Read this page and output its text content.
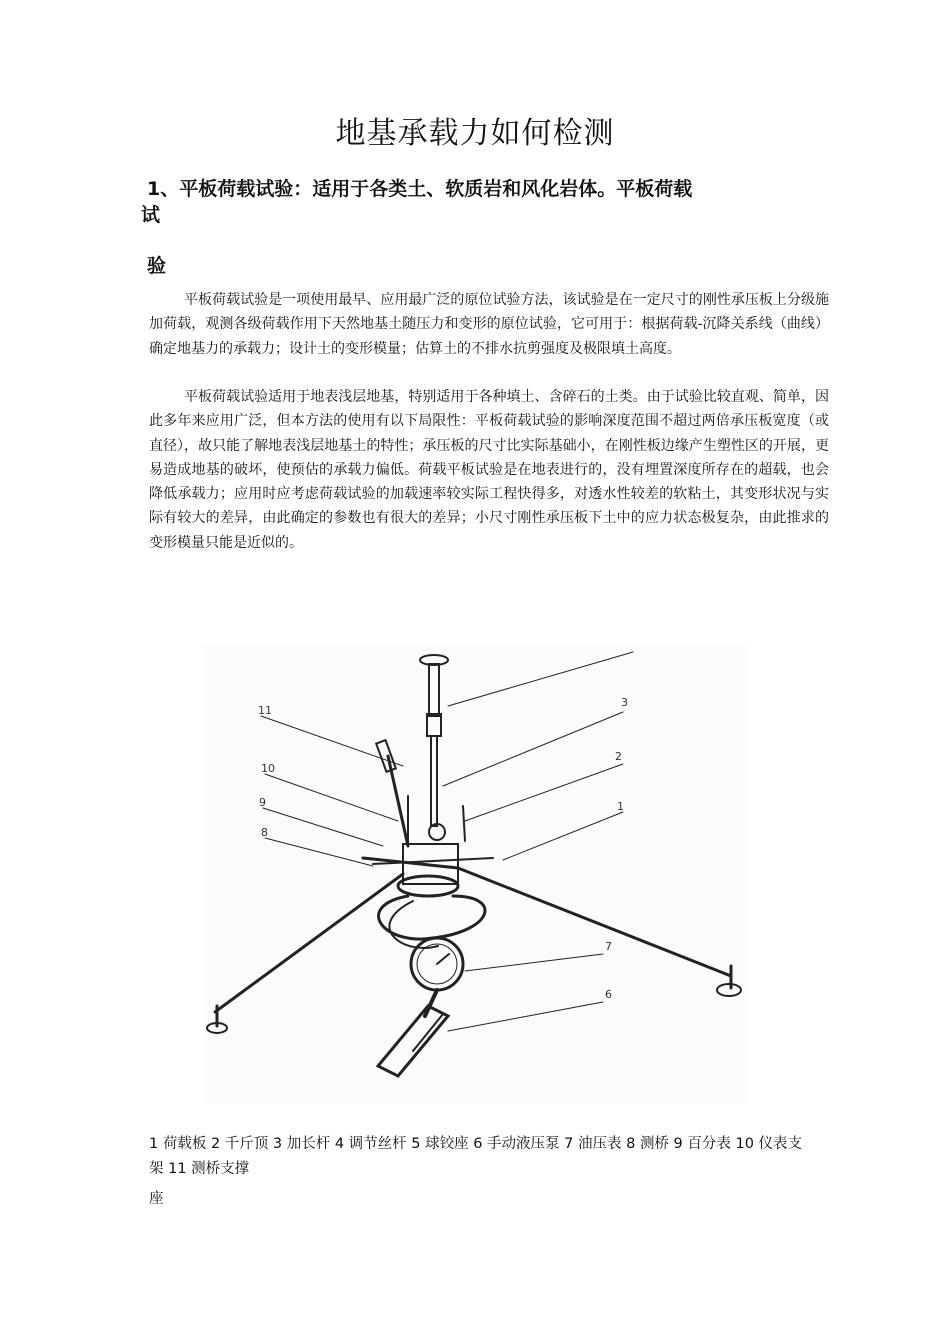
地基承载力如何检测
1、平板荷载试验：适用于各类土、软质岩和风化岩体。平板荷载
试
验

平板荷载试验是一项使用最早、应用最广泛的原位试验方法，该试验是在一定尺寸的刚性承压板上分级施加荷载，观测各级荷载作用下天然地基土随压力和变形的原位试验，它可用于：根据荷载-沉降关系线（曲线）确定地基力的承载力；设计土的变形模量；估算土的不排水抗剪强度及极限填土高度。

平板荷载试验适用于地表浅层地基，特别适用于各种填土、含碎石的土类。由于试验比较直观、简单，因此多年来应用广泛，但本方法的使用有以下局限性：平板荷载试验的影响深度范围不超过两倍承压板宽度（或直径），故只能了解地表浅层地基土的特性；承压板的尺寸比实际基础小，在刚性板边缘产生塑性区的开展，更易造成地基的破坏，使预估的承载力偏低。荷载平板试验是在地表进行的，没有埋置深度所存在的超载，也会降低承载力；应用时应考虑荷载试验的加载速率较实际工程快得多，对透水性较差的软粘土，其变形状况与实际有较大的差异，由此确定的参数也有很大的差异；小尺寸刚性承压板下土中的应力状态极复杂，由此推求的变形模量只能是近似的。

11
10
9
8
3
2
1
7
6

1 荷载板 2 千斤顶 3 加长杆 4 调节丝杆 5 球铰座 6 手动液压泵 7 油压表 8 测桥 9 百分表 10 仪表支架 11 测桥支撑
座
